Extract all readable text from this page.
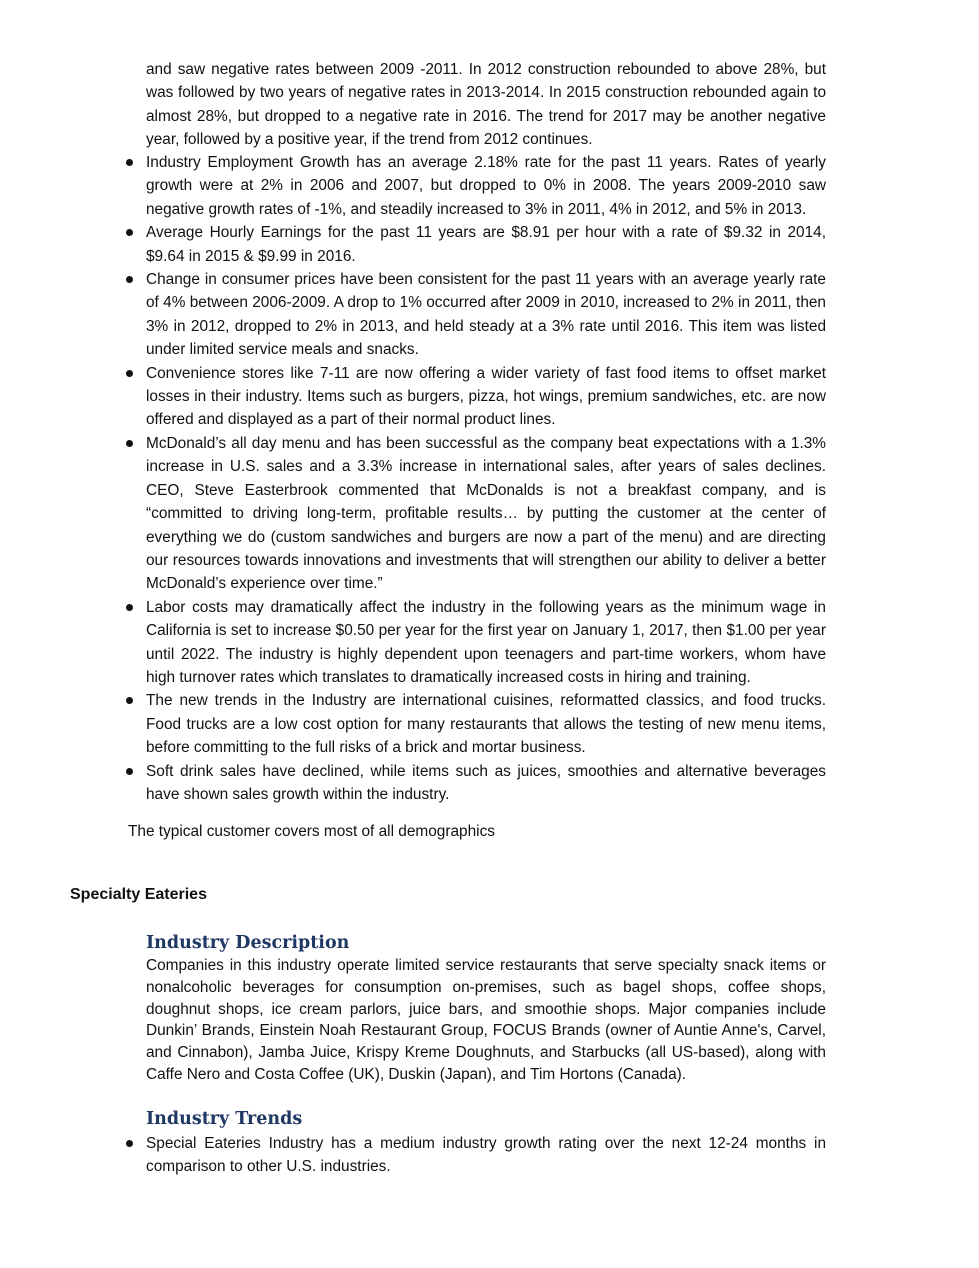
and saw negative rates between 2009 -2011. In 2012 construction rebounded to above 28%, but was followed by two years of negative rates in 2013-2014. In 2015 construction rebounded again to almost 28%, but dropped to a negative rate in 2016. The trend for 2017 may be another negative year, followed by a positive year, if the trend from 2012 continues.

Industry Employment Growth has an average 2.18% rate for the past 11 years. Rates of yearly growth were at 2% in 2006 and 2007, but dropped to 0% in 2008. The years 2009-2010 saw negative growth rates of -1%, and steadily increased to 3% in 2011, 4% in 2012, and 5% in 2013.
Average Hourly Earnings for the past 11 years are $8.91 per hour with a rate of $9.32 in 2014, $9.64 in 2015 & $9.99 in 2016.
Change in consumer prices have been consistent for the past 11 years with an average yearly rate of 4% between 2006-2009. A drop to 1% occurred after 2009 in 2010, increased to 2% in 2011, then 3% in 2012, dropped to 2% in 2013, and held steady at a 3% rate until 2016. This item was listed under limited service meals and snacks.
Convenience stores like 7-11 are now offering a wider variety of fast food items to offset market losses in their industry. Items such as burgers, pizza, hot wings, premium sandwiches, etc. are now offered and displayed as a part of their normal product lines.
McDonald’s all day menu and has been successful as the company beat expectations with a 1.3% increase in U.S. sales and a 3.3% increase in international sales, after years of sales declines. CEO, Steve Easterbrook commented that McDonalds is not a breakfast company, and is “committed to driving long-term, profitable results… by putting the customer at the center of everything we do (custom sandwiches and burgers are now a part of the menu) and are directing our resources towards innovations and investments that will strengthen our ability to deliver a better McDonald’s experience over time.”
Labor costs may dramatically affect the industry in the following years as the minimum wage in California is set to increase $0.50 per year for the first year on January 1, 2017, then $1.00 per year until 2022. The industry is highly dependent upon teenagers and part-time workers, whom have high turnover rates which translates to dramatically increased costs in hiring and training.
The new trends in the Industry are international cuisines, reformatted classics, and food trucks. Food trucks are a low cost option for many restaurants that allows the testing of new menu items, before committing to the full risks of a brick and mortar business.
Soft drink sales have declined, while items such as juices, smoothies and alternative beverages have shown sales growth within the industry.

The typical customer covers most of all demographics

Specialty Eateries
Industry Description

Companies in this industry operate limited service restaurants that serve specialty snack items or nonalcoholic beverages for consumption on-premises, such as bagel shops, coffee shops, doughnut shops, ice cream parlors, juice bars, and smoothie shops. Major companies include Dunkin’ Brands, Einstein Noah Restaurant Group, FOCUS Brands (owner of Auntie Anne's, Carvel, and Cinnabon), Jamba Juice, Krispy Kreme Doughnuts, and Starbucks (all US-based), along with Caffe Nero and Costa Coffee (UK), Duskin (Japan), and Tim Hortons (Canada).

Industry Trends
Special Eateries Industry has a medium industry growth rating over the next 12-24 months in comparison to other U.S. industries.
